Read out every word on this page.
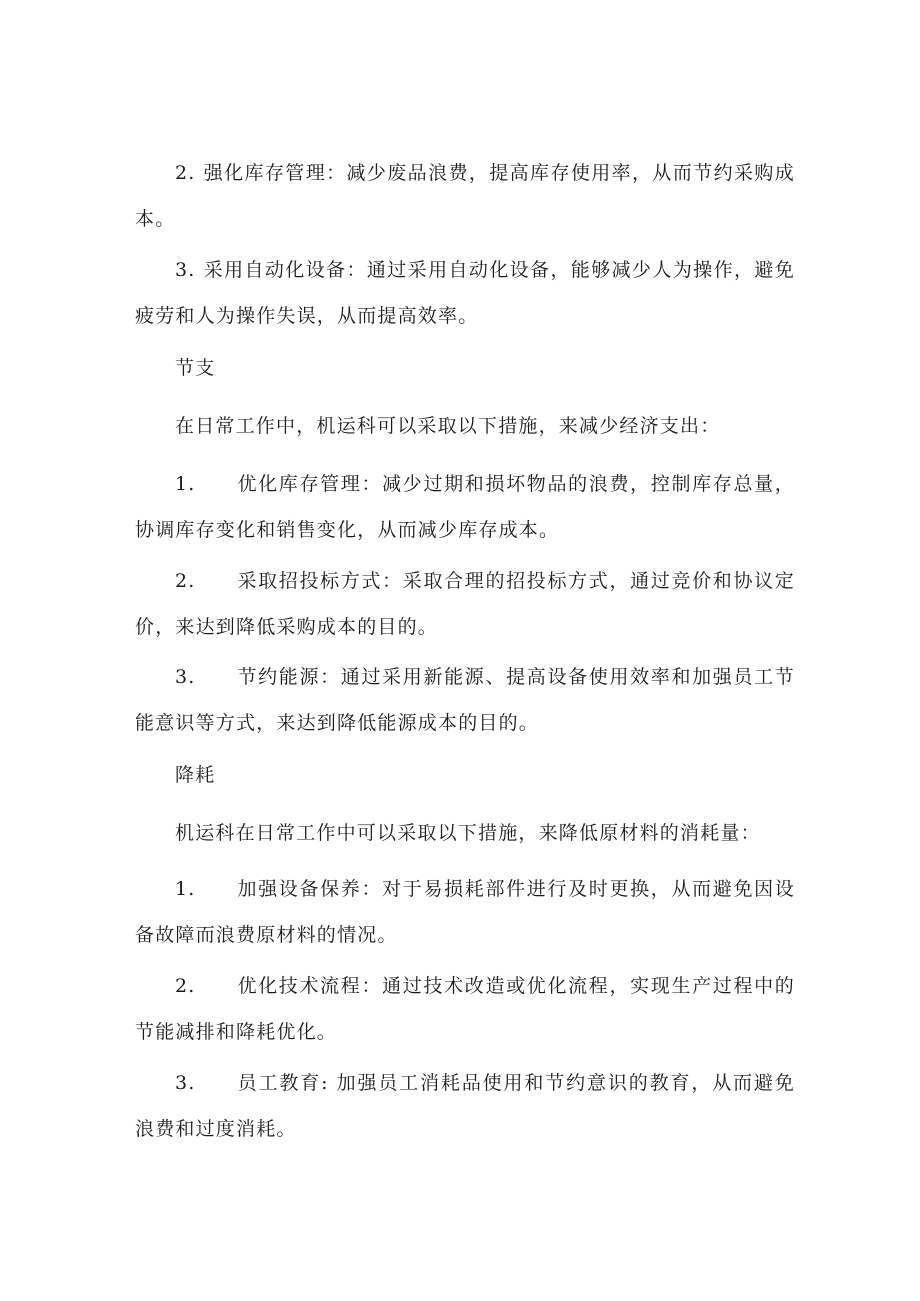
2. 强化库存管理：减少废品浪费，提高库存使用率，从而节约采购成本。

3. 采用自动化设备：通过采用自动化设备，能够减少人为操作，避免疲劳和人为操作失误，从而提高效率。

节支

在日常工作中，机运科可以采取以下措施，来减少经济支出：

1. 优化库存管理：减少过期和损坏物品的浪费，控制库存总量，协调库存变化和销售变化，从而减少库存成本。

2. 采取招投标方式：采取合理的招投标方式，通过竞价和协议定价，来达到降低采购成本的目的。

3. 节约能源：通过采用新能源、提高设备使用效率和加强员工节能意识等方式，来达到降低能源成本的目的。

降耗

机运科在日常工作中可以采取以下措施，来降低原材料的消耗量：

1. 加强设备保养：对于易损耗部件进行及时更换，从而避免因设备故障而浪费原材料的情况。

2. 优化技术流程：通过技术改造或优化流程，实现生产过程中的节能减排和降耗优化。

3. 员工教育: 加强员工消耗品使用和节约意识的教育，从而避免浪费和过度消耗。
